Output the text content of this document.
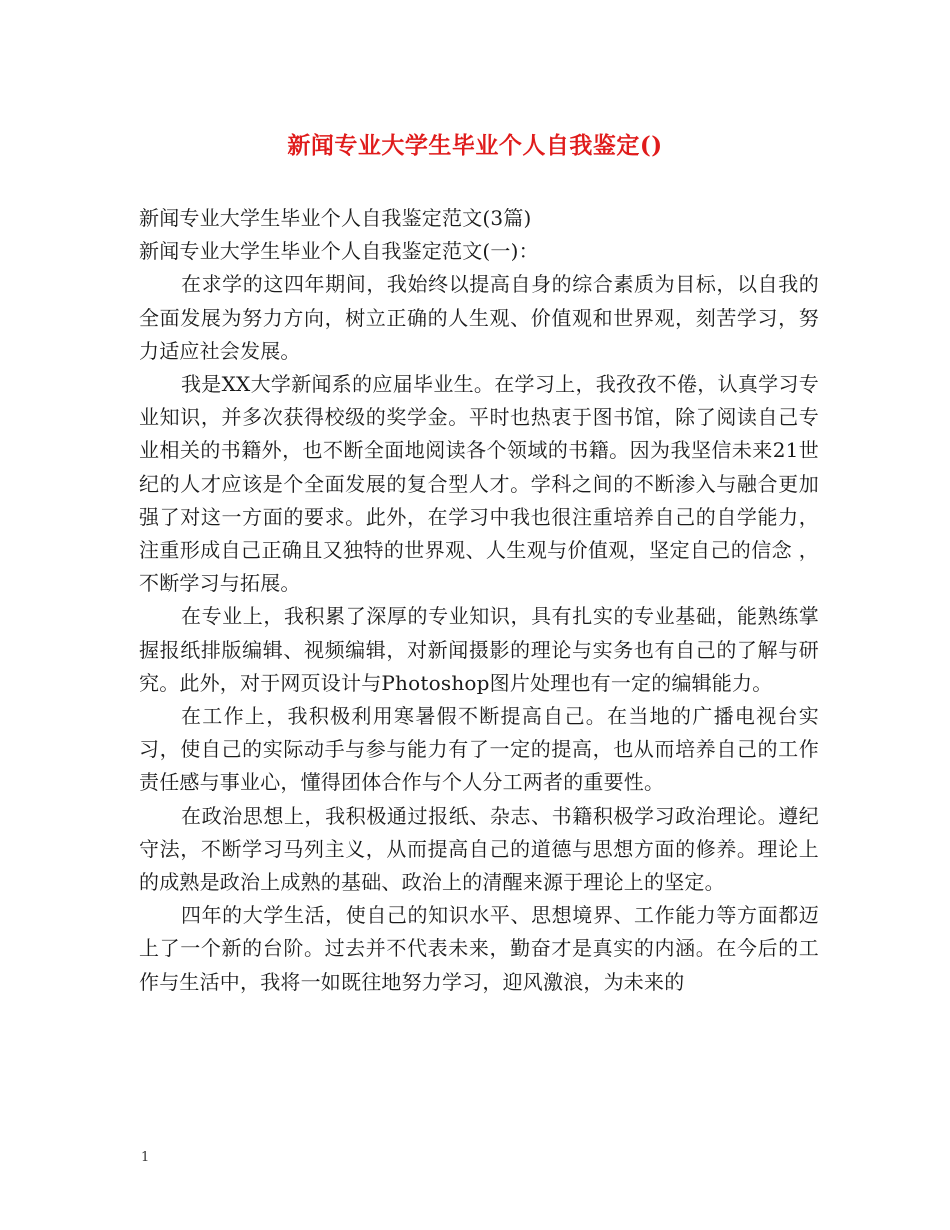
新闻专业大学生毕业个人自我鉴定()
新闻专业大学生毕业个人自我鉴定范文(3篇)
新闻专业大学生毕业个人自我鉴定范文(一)：

在求学的这四年期间，我始终以提高自身的综合素质为目标，以自我的全面发展为努力方向，树立正确的人生观、价值观和世界观，刻苦学习，努力适应社会发展。

我是XX大学新闻系的应届毕业生。在学习上，我孜孜不倦，认真学习专业知识，并多次获得校级的奖学金。平时也热衷于图书馆，除了阅读自己专业相关的书籍外，也不断全面地阅读各个领域的书籍。因为我坚信未来21世纪的人才应该是个全面发展的复合型人才。学科之间的不断渗入与融合更加强了对这一方面的要求。此外，在学习中我也很注重培养自己的自学能力，注重形成自己正确且又独特的世界观、人生观与价值观，坚定自己的信念 ，不断学习与拓展。

在专业上，我积累了深厚的专业知识，具有扎实的专业基础，能熟练掌握报纸排版编辑、视频编辑，对新闻摄影的理论与实务也有自己的了解与研究。此外，对于网页设计与Photoshop图片处理也有一定的编辑能力。

在工作上，我积极利用寒暑假不断提高自己。在当地的广播电视台实习，使自己的实际动手与参与能力有了一定的提高，也从而培养自己的工作责任感与事业心，懂得团体合作与个人分工两者的重要性。

在政治思想上，我积极通过报纸、杂志、书籍积极学习政治理论。遵纪守法，不断学习马列主义，从而提高自己的道德与思想方面的修养。理论上的成熟是政治上成熟的基础、政治上的清醒来源于理论上的坚定。

四年的大学生活，使自己的知识水平、思想境界、工作能力等方面都迈上了一个新的台阶。过去并不代表未来，勤奋才是真实的内涵。在今后的工作与生活中，我将一如既往地努力学习，迎风激浪，为未来的

1
